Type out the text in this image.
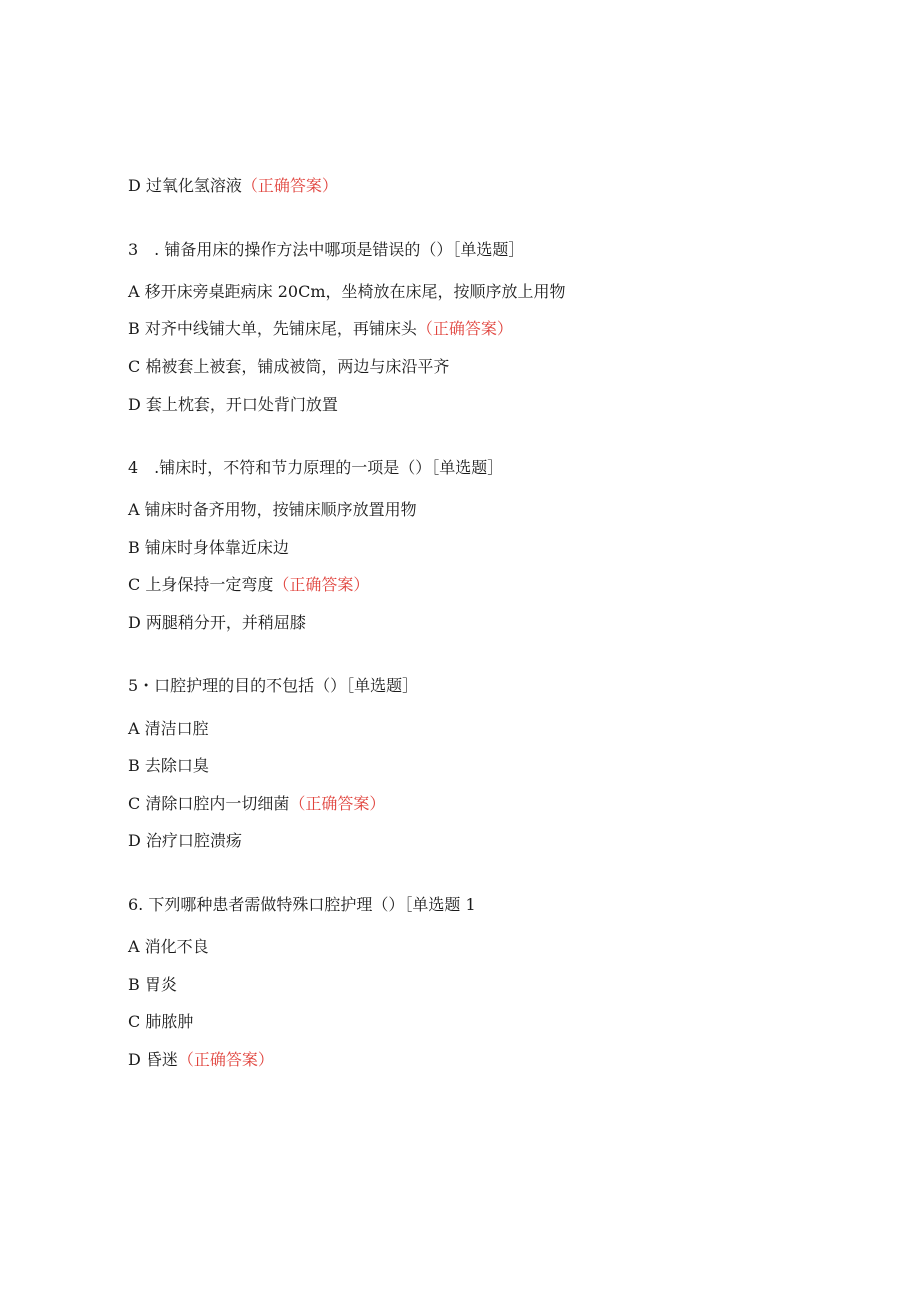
D 过氧化氢溶液（正确答案）
3　. 铺备用床的操作方法中哪项是错误的（）［单选题］
A 移开床旁桌距病床 20Cm，坐椅放在床尾，按顺序放上用物
B 对齐中线铺大单，先铺床尾，再铺床头（正确答案）
C 棉被套上被套，铺成被筒，两边与床沿平齐
D 套上枕套，开口处背门放置
4　.铺床时，不符和节力原理的一项是（）［单选题］
A 铺床时备齐用物，按铺床顺序放置用物
B 铺床时身体靠近床边
C 上身保持一定弯度（正确答案）
D 两腿稍分开，并稍屈膝
5・口腔护理的目的不包括（）［单选题］
A 清洁口腔
B 去除口臭
C 清除口腔内一切细菌（正确答案）
D 治疗口腔溃疡
6. 下列哪种患者需做特殊口腔护理（）［单选题 1
A 消化不良
B 胃炎
C 肺脓肿
D 昏迷（正确答案）
